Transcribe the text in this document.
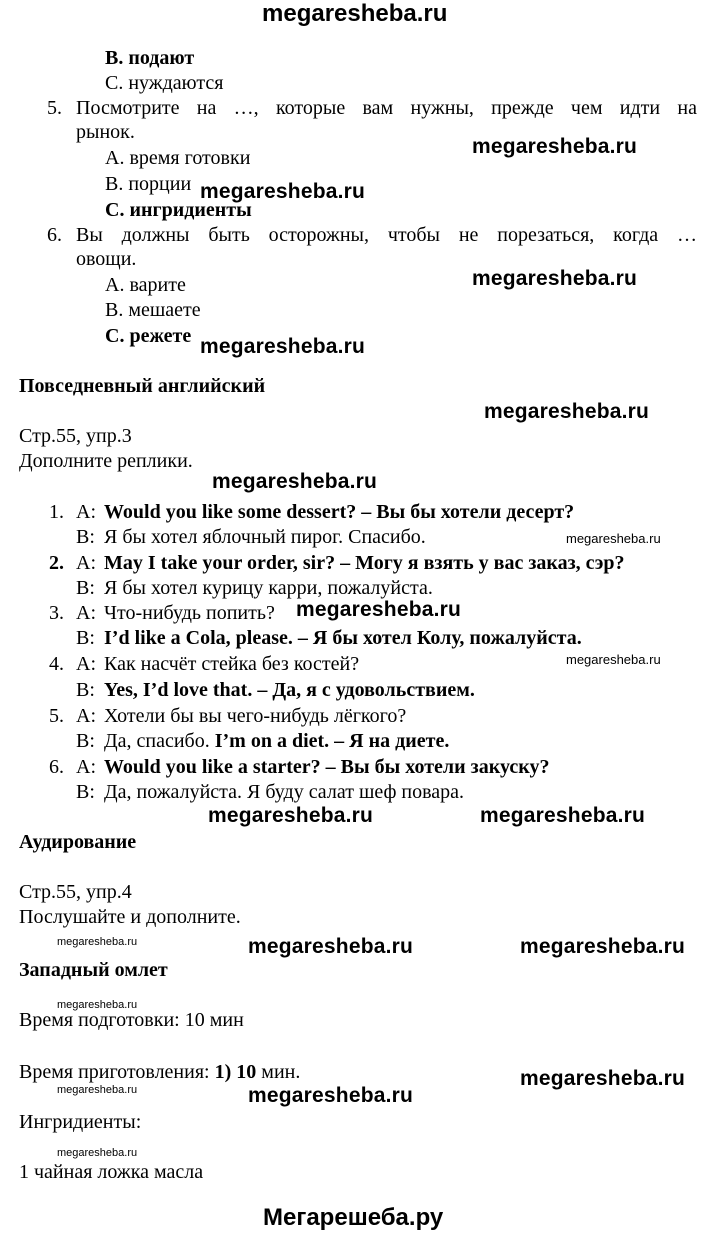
megaresheba.ru
B. подают
C. нуждаются
5. Посмотрите на …, которые вам нужны, прежде чем идти на
рынок.
A. время готовки
B. порции
C. ингридиенты
6. Вы должны быть осторожны, чтобы не порезаться, когда …
овощи.
A. варите
B. мешаете
C. режете
Повседневный английский
Стр.55, упр.3
Дополните реплики.
1. A: Would you like some dessert? – Вы бы хотели десерт?
B: Я бы хотел яблочный пирог. Спасибо.
2. A: May I take your order, sir? – Могу я взять у вас заказ, сэр?
B: Я бы хотел курицу карри, пожалуйста.
3. A: Что-нибудь попить?
B: I’d like a Cola, please. – Я бы хотел Колу, пожалуйста.
4. A: Как насчёт стейка без костей?
B: Yes, I’d love that. – Да, я с удовольствием.
5. A: Хотели бы вы чего-нибудь лёгкого?
B: Да, спасибо. I’m on a diet. – Я на диете.
6. A: Would you like a starter? – Вы бы хотели закуску?
B: Да, пожалуйста. Я буду салат шеф повара.
Аудирование
Стр.55, упр.4
Послушайте и дополните.
Западный омлет
Время подготовки: 10 мин
Время приготовления: 1) 10 мин.
Ингридиенты:
1 чайная ложка масла
megaresheba.ru
megaresheba.ru
megaresheba.ru
megaresheba.ru
megaresheba.ru
megaresheba.ru
megaresheba.ru
megaresheba.ru
megaresheba.ru
megaresheba.ru	megaresheba.ru
megaresheba.ru	megaresheba.ru	megaresheba.ru
megaresheba.ru
megaresheba.ru
megaresheba.ru	megaresheba.ru
megaresheba.ru
Мегарешеба.ру
